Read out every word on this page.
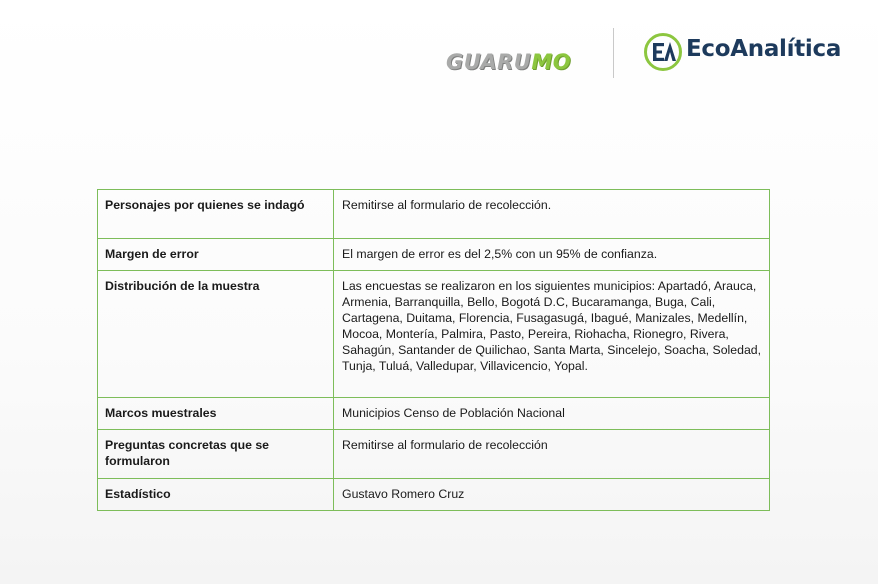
GUARUMO	EcoAnalítica
Personajes por quienes se indagó	Remitirse al formulario de recolección.
Margen de error	El margen de error es del 2,5% con un 95% de confianza.
Distribución de la muestra	Las encuestas se realizaron en los siguientes municipios: Apartadó, Arauca, Armenia, Barranquilla, Bello, Bogotá D.C, Bucaramanga, Buga, Cali, Cartagena, Duitama, Florencia, Fusagasugá, Ibagué, Manizales, Medellín, Mocoa, Montería, Palmira, Pasto, Pereira, Riohacha, Rionegro, Rivera, Sahagún, Santander de Quilichao, Santa Marta, Sincelejo, Soacha, Soledad, Tunja, Tuluá, Valledupar, Villavicencio, Yopal.
Marcos muestrales	Municipios Censo de Población Nacional
Preguntas concretas que se formularon	Remitirse al formulario de recolección
Estadístico	Gustavo Romero Cruz
